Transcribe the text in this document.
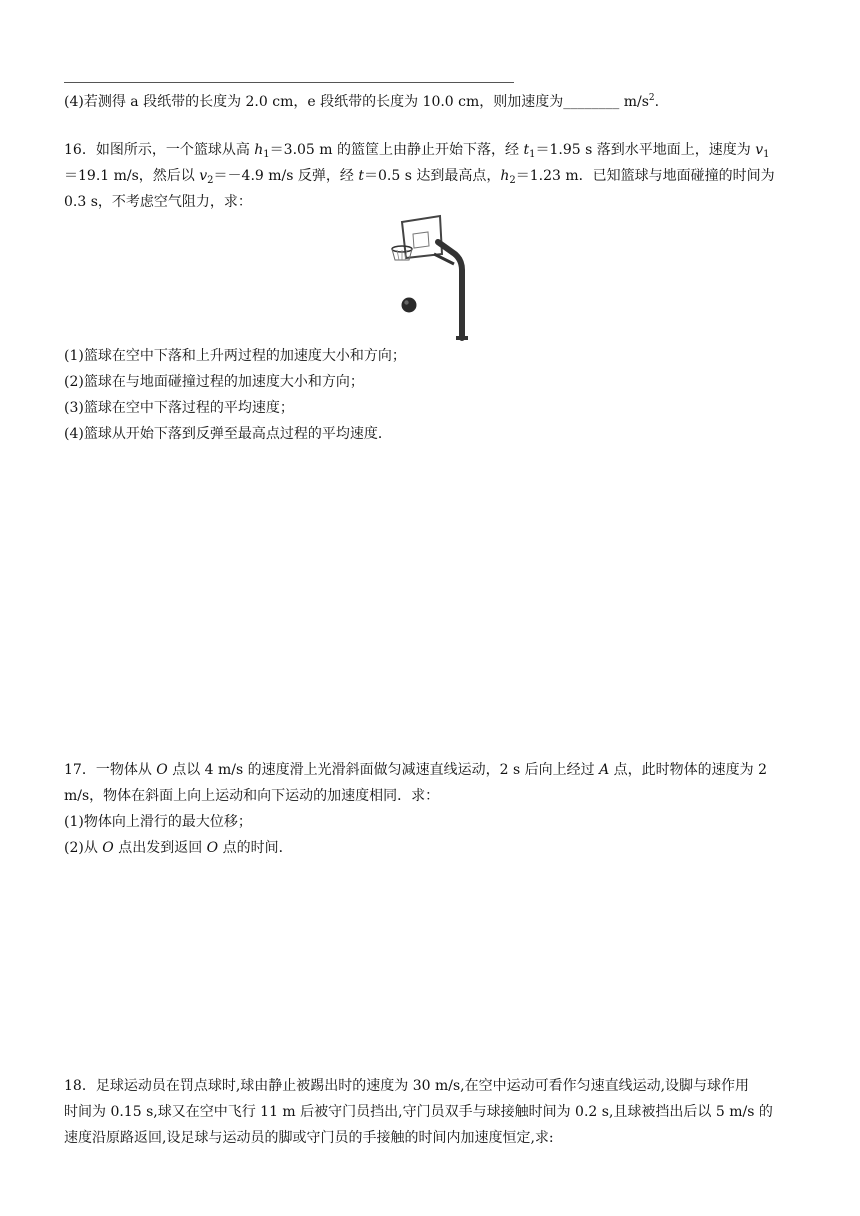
(4)若测得 a 段纸带的长度为 2.0 cm，e 段纸带的长度为 10.0 cm，则加速度为________ $m/s^2$.
16．如图所示，一个篮球从高 $h_1=3.05$ m 的篮筐上由静止开始下落，经 $t_1=1.95$ s 落到水平地面上，速度为 $v_1$
＝19.1 m/s，然后以 $v_2=-4.9$ m/s 反弹，经 t＝0.5 s 达到最高点，$h_2=1.23$ m．已知篮球与地面碰撞的时间为
0.3 s，不考虑空气阻力，求：
(1)篮球在空中下落和上升两过程的加速度大小和方向；
(2)篮球在与地面碰撞过程的加速度大小和方向；
(3)篮球在空中下落过程的平均速度；
(4)篮球从开始下落到反弹至最高点过程的平均速度．
17．一物体从 O 点以 4 m/s 的速度滑上光滑斜面做匀减速直线运动，2 s 后向上经过 A 点，此时物体的速度为 2
m/s，物体在斜面上向上运动和向下运动的加速度相同．求：
(1)物体向上滑行的最大位移；
(2)从 O 点出发到返回 O 点的时间．
18．足球运动员在罚点球时,球由静止被踢出时的速度为 30 m/s,在空中运动可看作匀速直线运动,设脚与球作用
时间为 0.15 s,球又在空中飞行 11 m 后被守门员挡出,守门员双手与球接触时间为 0.2 s,且球被挡出后以 5 m/s 的
速度沿原路返回,设足球与运动员的脚或守门员的手接触的时间内加速度恒定,求:
